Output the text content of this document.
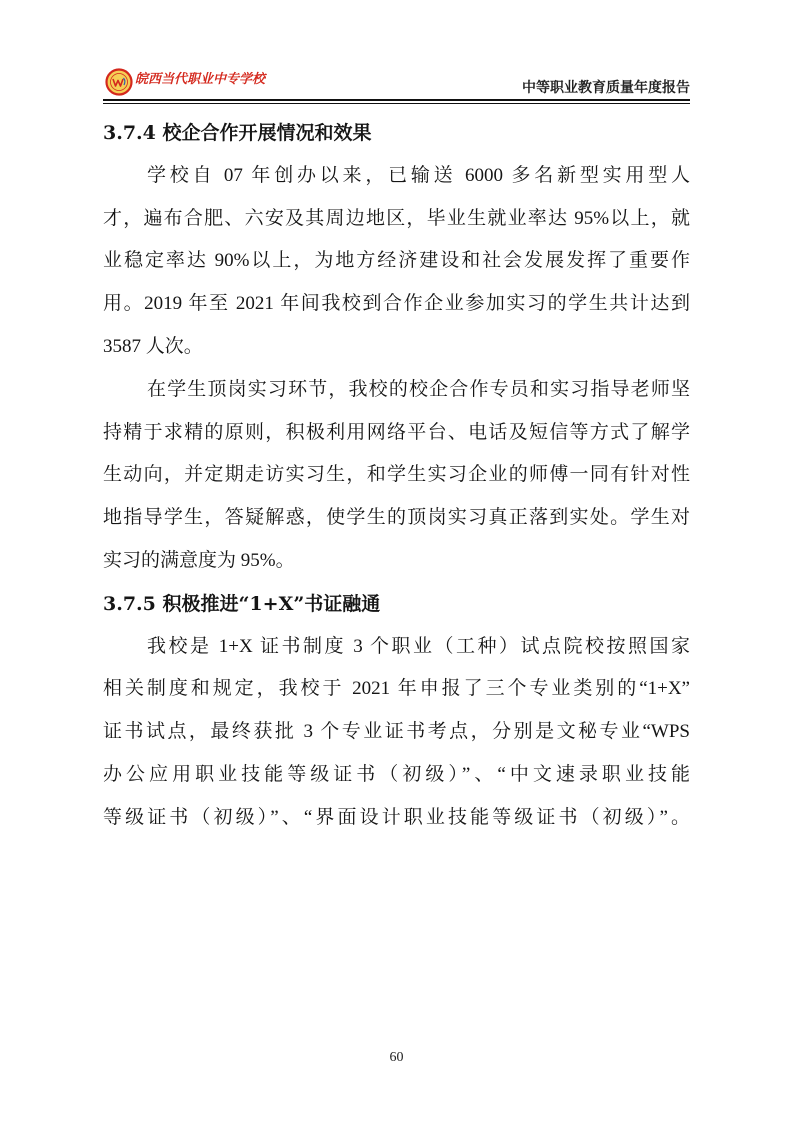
皖西当代职业中专学校
中等职业教育质量年度报告
3.7.4 校企合作开展情况和效果
学校自 07 年创办以来，已输送 6000 多名新型实用型人
才，遍布合肥、六安及其周边地区，毕业生就业率达 95%以上，就
业稳定率达 90%以上，为地方经济建设和社会发展发挥了重要作
用。2019 年至 2021 年间我校到合作企业参加实习的学生共计达到
3587 人次。
在学生顶岗实习环节，我校的校企合作专员和实习指导老师坚
持精于求精的原则，积极利用网络平台、电话及短信等方式了解学
生动向，并定期走访实习生，和学生实习企业的师傅一同有针对性
地指导学生，答疑解惑，使学生的顶岗实习真正落到实处。学生对
实习的满意度为 95%。
3.7.5 积极推进“1+X”书证融通
我校是 1+X 证书制度 3 个职业（工种）试点院校按照国家
相关制度和规定，我校于 2021 年申报了三个专业类别的“1+X”
证书试点，最终获批 3 个专业证书考点，分别是文秘专业“WPS
办公应用职业技能等级证书（初级）”、“中文速录职业技能
等级证书（初级）”、“界面设计职业技能等级证书（初级）”。
60
